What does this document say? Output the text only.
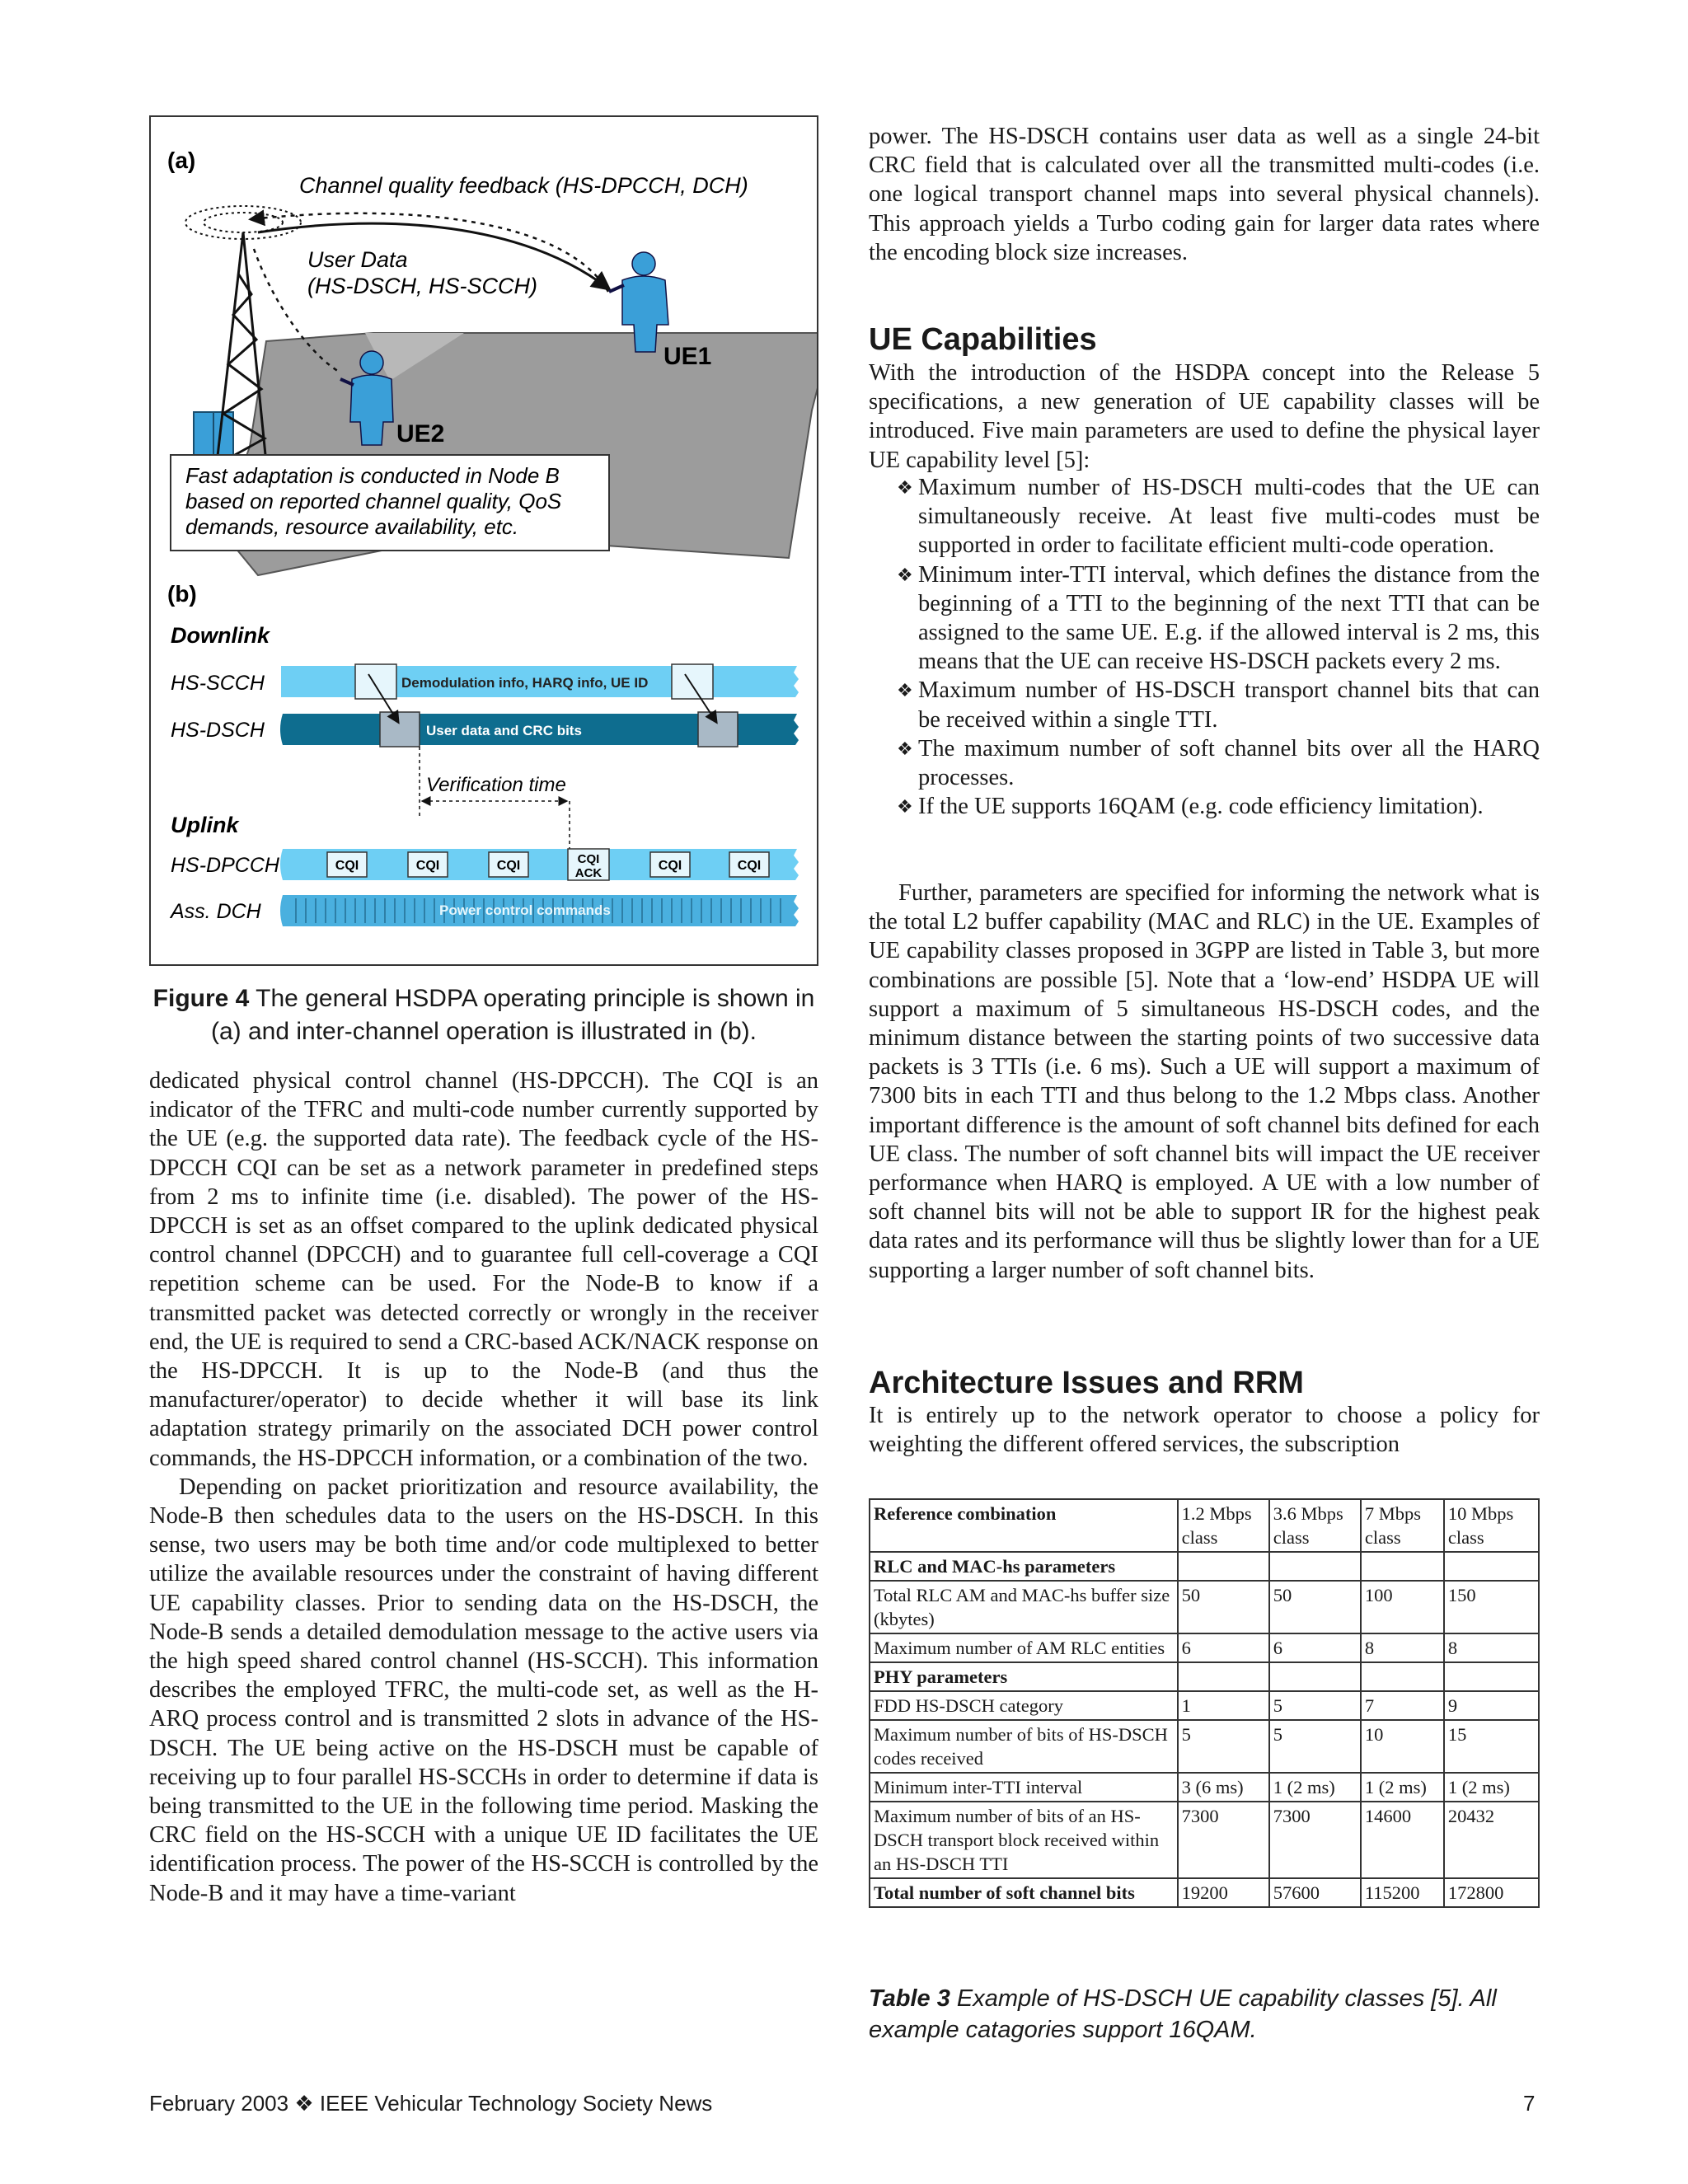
(a)
Channel quality feedback (HS-DPCCH, DCH)
User Data
(HS-DSCH, HS-SCCH)
UE1
UE2
Fast adaptation is conducted in Node B
based on reported channel quality, QoS
demands, resource availability, etc.
(b)
Downlink
HS-SCCH	Demodulation info, HARQ info, UE ID
HS-DSCH	User data and CRC bits
Verification time
Uplink
HS-DPCCH	CQI	CQI	CQI	CQI
ACK
CQI	CQI
Ass. DCH	Power control commands
Figure 4 The general HSDPA operating principle is shown in (a) and inter-channel operation is illustrated in (b).

dedicated physical control channel (HS-DPCCH). The CQI is an indicator of the TFRC and multi-code number currently supported by the UE (e.g. the supported data rate). The feedback cycle of the HS-DPCCH CQI can be set as a network parameter in predefined steps from 2 ms to infinite time (i.e. disabled). The power of the HS-DPCCH is set as an offset compared to the uplink dedicated physical control channel (DPCCH) and to guarantee full cell-coverage a CQI repetition scheme can be used. For the Node-B to know if a transmitted packet was detected correctly or wrongly in the receiver end, the UE is required to send a CRC-based ACK/NACK response on the HS-DPCCH. It is up to the Node-B (and thus the manufacturer/operator) to decide whether it will base its link adaptation strategy primarily on the associated DCH power control commands, the HS-DPCCH information, or a combination of the two.

Depending on packet prioritization and resource availability, the Node-B then schedules data to the users on the HS-DSCH. In this sense, two users may be both time and/or code multiplexed to better utilize the available resources under the constraint of having different UE capability classes. Prior to sending data on the HS-DSCH, the Node-B sends a detailed demodulation message to the active users via the high speed shared control channel (HS-SCCH). This information describes the employed TFRC, the multi-code set, as well as the H-ARQ process control and is transmitted 2 slots in advance of the HS-DSCH. The UE being active on the HS-DSCH must be capable of receiving up to four parallel HS-SCCHs in order to determine if data is being transmitted to the UE in the following time period. Masking the CRC field on the HS-SCCH with a unique UE ID facilitates the UE identification process. The power of the HS-SCCH is controlled by the Node-B and it may have a time-variant

power. The HS-DSCH contains user data as well as a single 24-bit CRC field that is calculated over all the transmitted multi-codes (i.e. one logical transport channel maps into several physical channels). This approach yields a Turbo coding gain for larger data rates where the encoding block size increases.

UE Capabilities

With the introduction of the HSDPA concept into the Release 5 specifications, a new generation of UE capability classes will be introduced. Five main parameters are used to define the physical layer UE capability level [5]:

❖ Maximum number of HS-DSCH multi-codes that the UE can simultaneously receive. At least five multi-codes must be supported in order to facilitate efficient multi-code operation.
❖ Minimum inter-TTI interval, which defines the distance from the beginning of a TTI to the beginning of the next TTI that can be assigned to the same UE. E.g. if the allowed interval is 2 ms, this means that the UE can receive HS-DSCH packets every 2 ms.
❖ Maximum number of HS-DSCH transport channel bits that can be received within a single TTI.
❖ The maximum number of soft channel bits over all the HARQ processes.
❖ If the UE supports 16QAM (e.g. code efficiency limitation).

Further, parameters are specified for informing the network what is the total L2 buffer capability (MAC and RLC) in the UE. Examples of UE capability classes proposed in 3GPP are listed in Table 3, but more combinations are possible [5]. Note that a ‘low-end’ HSDPA UE will support a maximum of 5 simultaneous HS-DSCH codes, and the minimum distance between the starting points of two successive data packets is 3 TTIs (i.e. 6 ms). Such a UE will support a maximum of 7300 bits in each TTI and thus belong to the 1.2 Mbps class. Another important difference is the amount of soft channel bits defined for each UE class. The number of soft channel bits will impact the UE receiver performance when HARQ is employed. A UE with a low number of soft channel bits will not be able to support IR for the highest peak data rates and its performance will thus be slightly lower than for a UE supporting a larger number of soft channel bits.

Architecture Issues and RRM

It is entirely up to the network operator to choose a policy for weighting the different offered services, the subscription

Reference combination	1.2 Mbps class	3.6 Mbps class	7 Mbps class	10 Mbps class
RLC and MAC-hs parameters				
Total RLC AM and MAC-hs buffer size (kbytes)	50	50	100	150
Maximum number of AM RLC entities	6	6	8	8
PHY parameters				
FDD HS-DSCH category	1	5	7	9
Maximum number of bits of HS-DSCH codes received	5	5	10	15
Minimum inter-TTI interval	3 (6 ms)	1 (2 ms)	1 (2 ms)	1 (2 ms)
Maximum number of bits of an HS-DSCH transport block received within an HS-DSCH TTI	7300	7300	14600	20432
Total number of soft channel bits	19200	57600	115200	172800
Table 3 Example of HS-DSCH UE capability classes [5]. All example catagories support 16QAM.
February 2003 ❖ IEEE Vehicular Technology Society News	7
